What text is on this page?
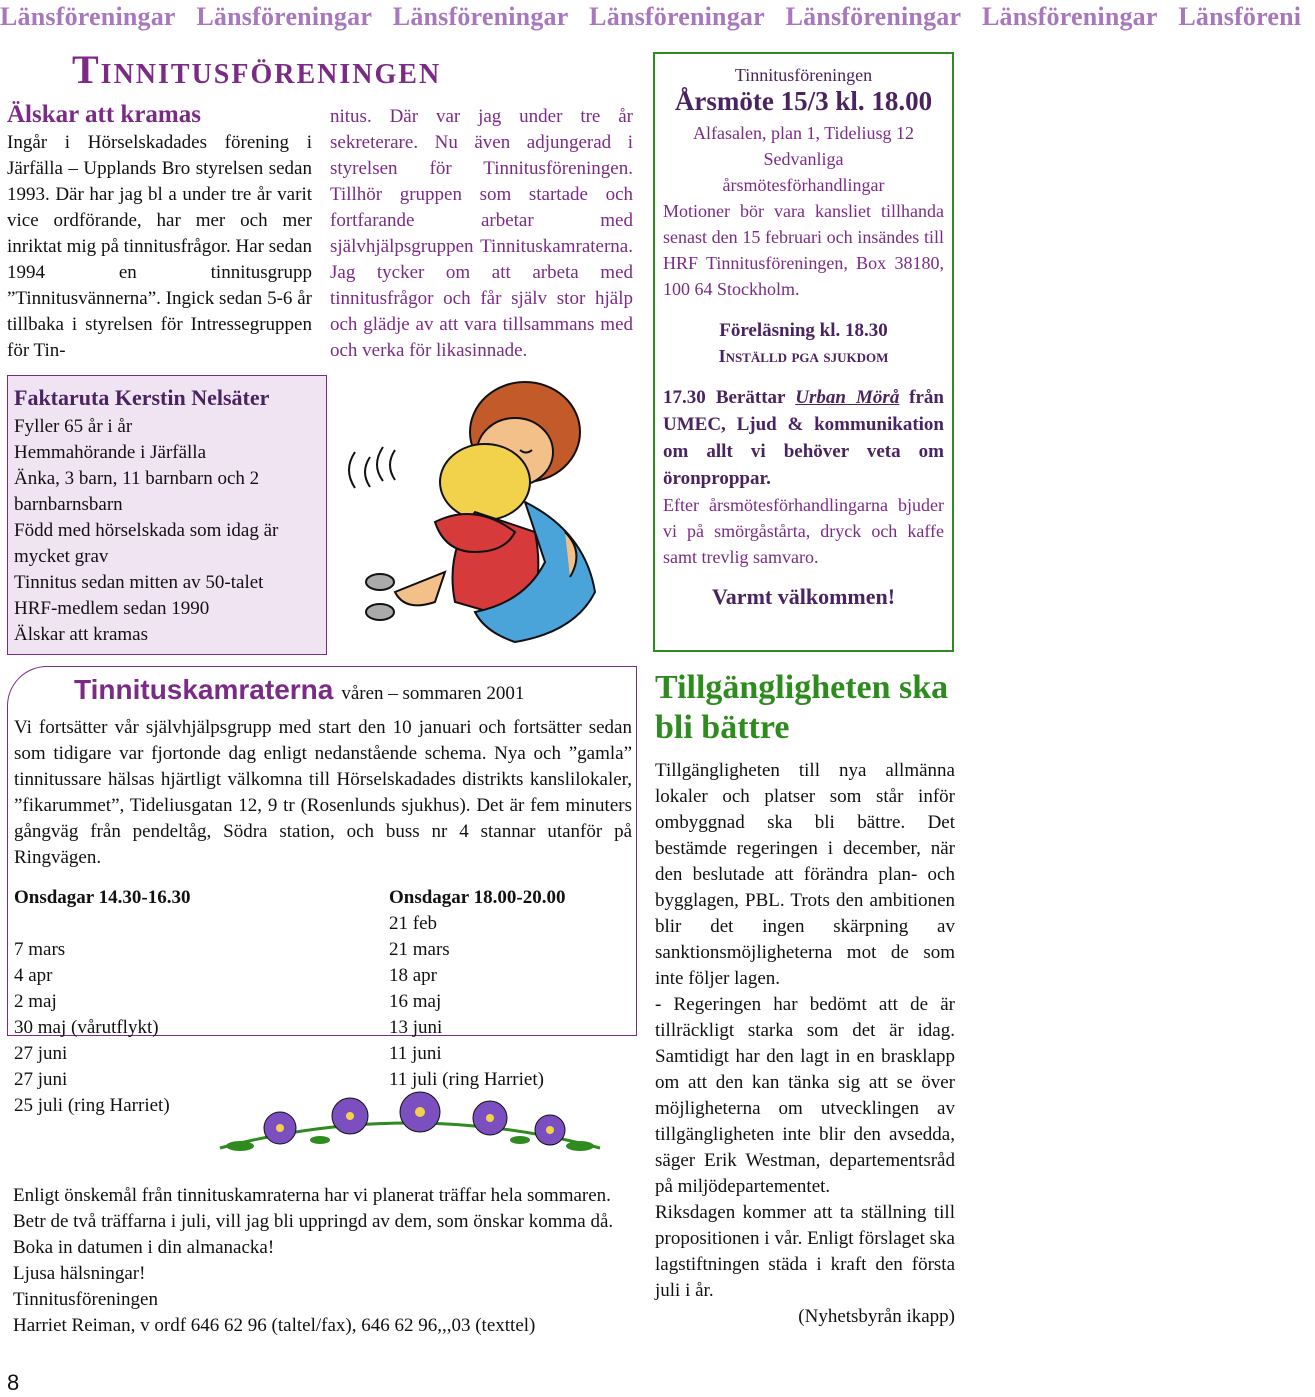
Länsföreningar Länsföreningar Länsföreningar Länsföreningar Länsföreningar Länsföreningar Länsföreni
Tinnitusföreningen
Älskar att kramas
Ingår i Hörselskadades förening i Järfälla – Upplands Bro styrelsen sedan 1993. Där har jag bl a under tre år varit vice ordförande, har mer och mer inriktat mig på tinnitusfrågor. Har sedan 1994 en tinnitusgrupp ”Tinnitusvännerna”. Ingick sedan 5-6 år tillbaka i styrelsen för Intressegruppen för Tin-
nitus. Där var jag under tre år sekreterare. Nu även adjungerad i styrelsen för Tinnitusföreningen. Tillhör gruppen som startade och fortfarande arbetar med självhjälpsgruppen Tinnituskamraterna. Jag tycker om att arbeta med tinnitusfrågor och får själv stor hjälp och glädje av att vara tillsammans med och verka för likasinnade.
Faktaruta Kerstin Nelsäter
Fyller 65 år i år
Hemmahörande i Järfälla
Änka, 3 barn, 11 barnbarn och 2 barnbarnsbarn
Född med hörselskada som idag är mycket grav
Tinnitus sedan mitten av 50-talet
HRF-medlem sedan 1990
Älskar att kramas
Tinnitusföreningen
Årsmöte 15/3 kl. 18.00
Alfasalen, plan 1, Tideliusg 12
Sedvanliga
årsmötesförhandlingar
Motioner bör vara kansliet tillhanda senast den 15 februari och insändes till HRF Tinnitusföreningen, Box 38180, 100 64 Stockholm.
Föreläsning kl. 18.30
Inställd pga sjukdom
17.30 Berättar Urban Mörå från UMEC, Ljud & kommunikation om allt vi behöver veta om öronproppar.
Efter årsmötesförhandlingarna bjuder vi på smörgåstårta, dryck och kaffe samt trevlig samvaro.
Varmt välkommen!
Tinnituskamraterna våren – sommaren 2001
Vi fortsätter vår självhjälpsgrupp med start den 10 januari och fortsätter sedan som tidigare var fjortonde dag enligt nedanstående schema. Nya och ”gamla” tinnitussare hälsas hjärtligt välkomna till Hörselskadades distrikts kanslilokaler, ”fikarummet”, Tideliusgatan 12, 9 tr (Rosenlunds sjukhus). Det är fem minuters gångväg från pendeltåg, Södra station, och buss nr 4 stannar utanför på Ringvägen.
Onsdagar 14.30-16.30
7 mars
4 apr
2 maj
30 maj (vårutflykt)
27 juni
27 juni
25 juli (ring Harriet)
Onsdagar 18.00-20.00
21 feb
21 mars
18 apr
16 maj
13 juni
11 juni
11 juli (ring Harriet)
Enligt önskemål från tinnituskamraterna har vi planerat träffar hela sommaren. Betr de två träffarna i juli, vill jag bli uppringd av dem, som önskar komma då. Boka in datumen i din almanacka!
Ljusa hälsningar!
Tinnitusföreningen
Harriet Reiman, v ordf 646 62 96 (taltel/fax), 646 62 96,,,03 (texttel)
Tillgängligheten ska bli bättre

Tillgängligheten till nya allmänna lokaler och platser som står inför ombyggnad ska bli bättre. Det bestämde regeringen i december, när den beslutade att förändra plan- och bygglagen, PBL. Trots den ambitionen blir det ingen skärpning av sanktionsmöjligheterna mot de som inte följer lagen.

- Regeringen har bedömt att de är tillräckligt starka som det är idag. Samtidigt har den lagt in en brasklapp om att den kan tänka sig att se över möjligheterna om utvecklingen av tillgängligheten inte blir den avsedda, säger Erik Westman, departementsråd på miljödepartementet.

Riksdagen kommer att ta ställning till propositionen i vår. Enligt förslaget ska lagstiftningen städa i kraft den första juli i år.

(Nyhetsbyrån ikapp)

8
